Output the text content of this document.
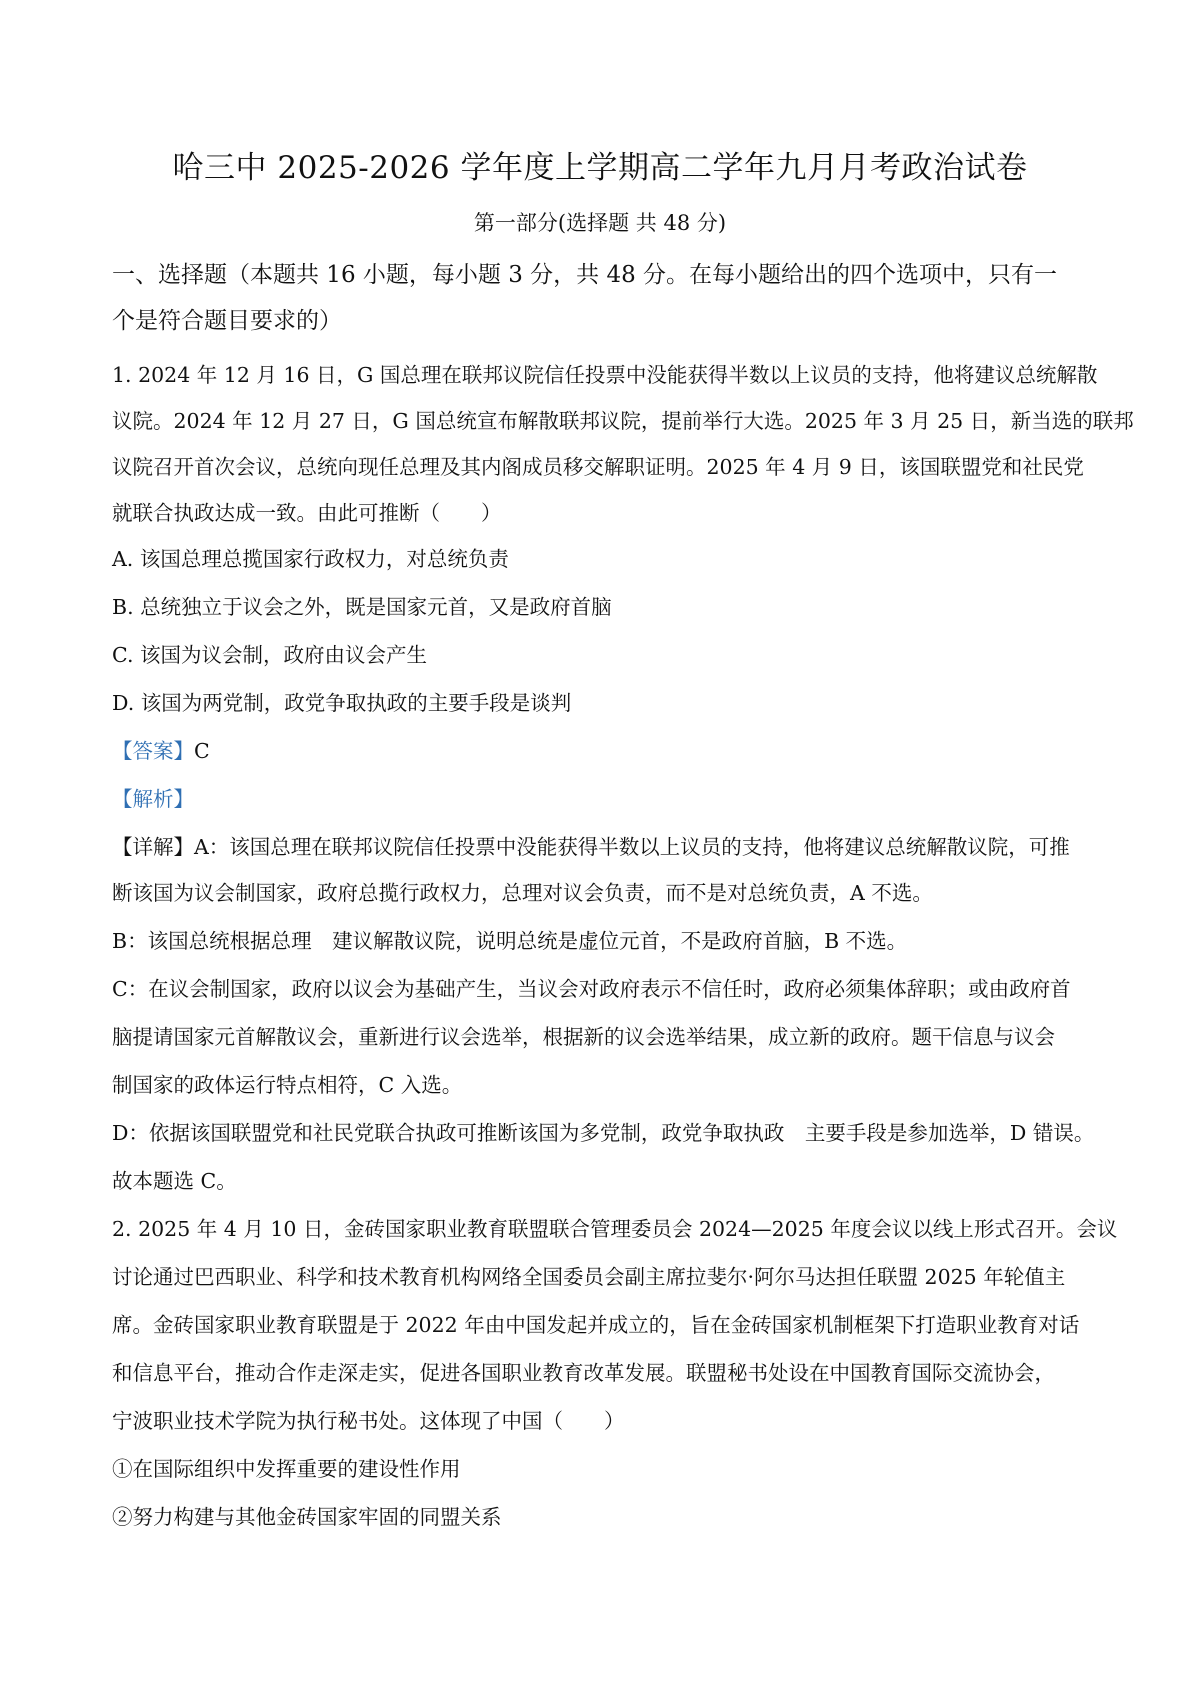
哈三中 2025-2026 学年度上学期高二学年九月月考政治试卷
第一部分(选择题 共 48 分)
一、选择题（本题共 16 小题，每小题 3 分，共 48 分。在每小题给出的四个选项中，只有一
个是符合题目要求的）
1. 2024 年 12 月 16 日，G 国总理在联邦议院信任投票中没能获得半数以上议员的支持，他将建议总统解散
议院。2024 年 12 月 27 日，G 国总统宣布解散联邦议院，提前举行大选。2025 年 3 月 25 日，新当选的联邦
议院召开首次会议，总统向现任总理及其内阁成员移交解职证明。2025 年 4 月 9 日，该国联盟党和社民党
就联合执政达成一致。由此可推断（　　）
A. 该国总理总揽国家行政权力，对总统负责
B. 总统独立于议会之外，既是国家元首，又是政府首脑
C. 该国为议会制，政府由议会产生
D. 该国为两党制，政党争取执政的主要手段是谈判
【答案】C
【解析】
【详解】A：该国总理在联邦议院信任投票中没能获得半数以上议员的支持，他将建议总统解散议院，可推
断该国为议会制国家，政府总揽行政权力，总理对议会负责，而不是对总统负责，A 不选。
B：该国总统根据总理　建议解散议院，说明总统是虚位元首，不是政府首脑，B 不选。
C：在议会制国家，政府以议会为基础产生，当议会对政府表示不信任时，政府必须集体辞职；或由政府首
脑提请国家元首解散议会，重新进行议会选举，根据新的议会选举结果，成立新的政府。题干信息与议会
制国家的政体运行特点相符，C 入选。
D：依据该国联盟党和社民党联合执政可推断该国为多党制，政党争取执政　主要手段是参加选举，D 错误。
故本题选 C。
2. 2025 年 4 月 10 日，金砖国家职业教育联盟联合管理委员会 2024—2025 年度会议以线上形式召开。会议
讨论通过巴西职业、科学和技术教育机构网络全国委员会副主席拉斐尔·阿尔马达担任联盟 2025 年轮值主
席。金砖国家职业教育联盟是于 2022 年由中国发起并成立的，旨在金砖国家机制框架下打造职业教育对话
和信息平台，推动合作走深走实，促进各国职业教育改革发展。联盟秘书处设在中国教育国际交流协会，
宁波职业技术学院为执行秘书处。这体现了中国（　　）
①在国际组织中发挥重要的建设性作用
②努力构建与其他金砖国家牢固的同盟关系
